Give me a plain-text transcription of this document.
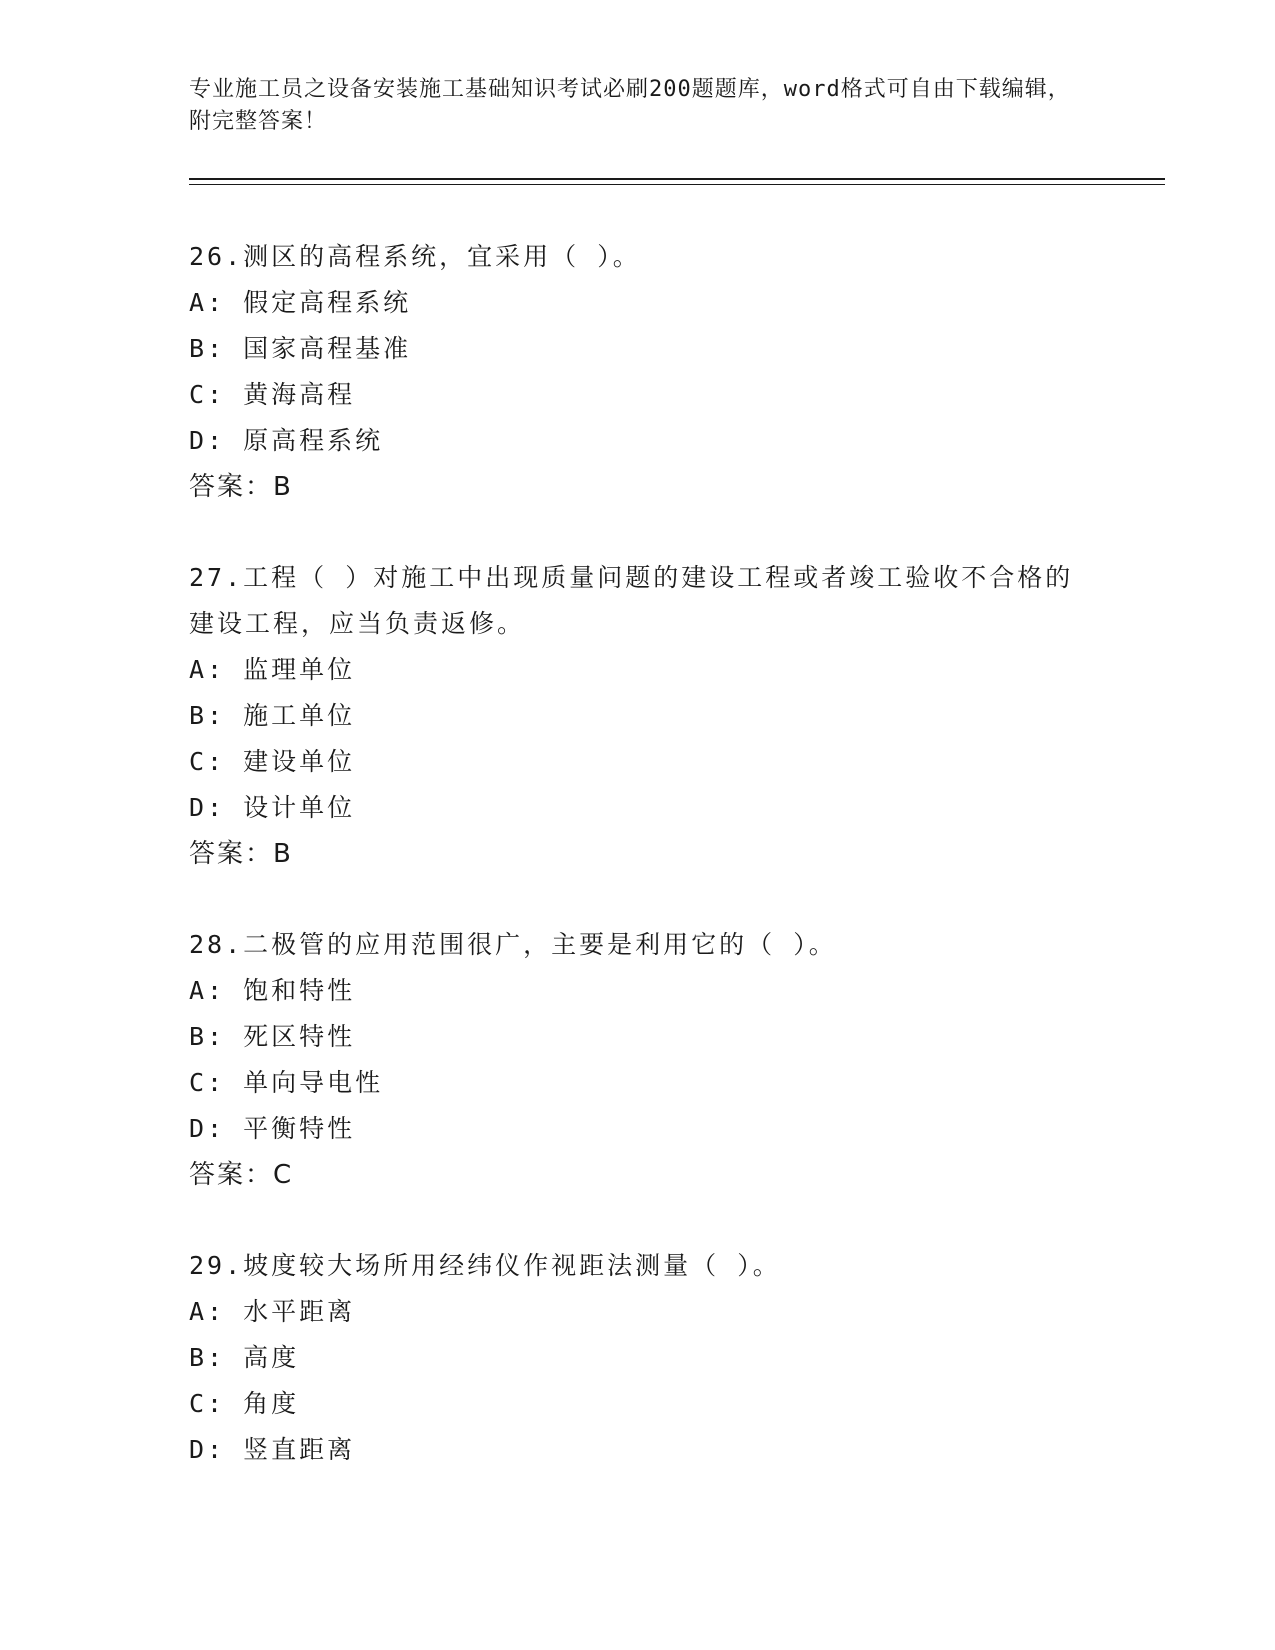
专业施工员之设备安装施工基础知识考试必刷200题题库，word格式可自由下载编辑，附完整答案！
26.测区的高程系统，宜采用（ ）。
A: 假定高程系统
B: 国家高程基准
C: 黄海高程
D: 原高程系统
答案：B
27.工程（ ）对施工中出现质量问题的建设工程或者竣工验收不合格的建设工程，应当负责返修。
A: 监理单位
B: 施工单位
C: 建设单位
D: 设计单位
答案：B
28.二极管的应用范围很广，主要是利用它的（ ）。
A: 饱和特性
B: 死区特性
C: 单向导电性
D: 平衡特性
答案：C
29.坡度较大场所用经纬仪作视距法测量（ ）。
A: 水平距离
B: 高度
C: 角度
D: 竖直距离
